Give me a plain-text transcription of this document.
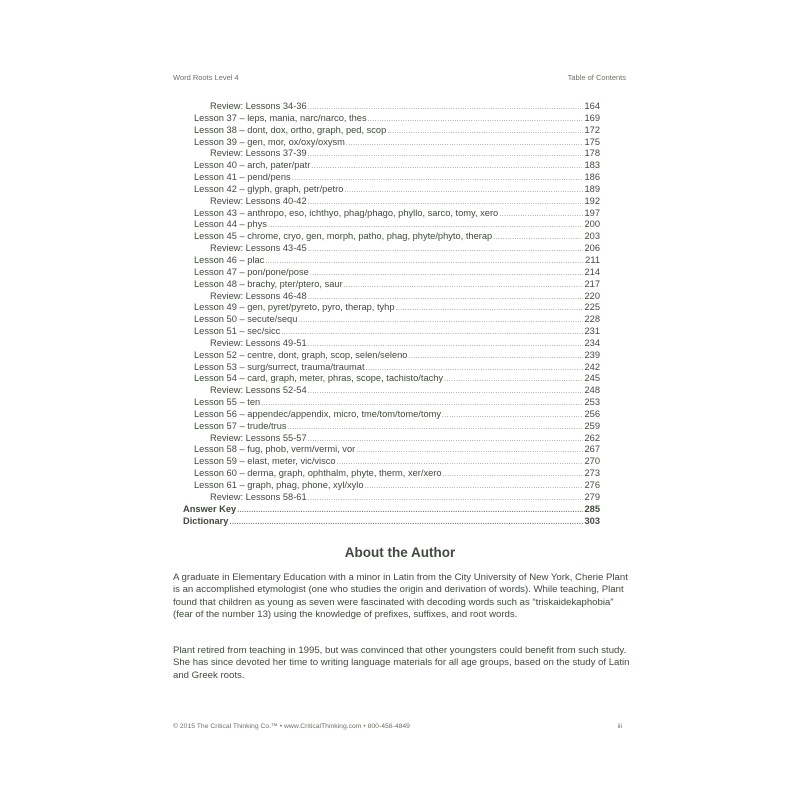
Word Roots Level 4	Table of Contents
Review: Lessons 34-36 .....	164
Lesson 37 – leps, mania, narc/narco, thes .....	169
Lesson 38 – dont, dox, ortho, graph, ped, scop .....	172
Lesson 39 – gen, mor, ox/oxy/oxysm .....	175
Review: Lessons 37-39 .....	178
Lesson 40 – arch, pater/patr .....	183
Lesson 41 – pend/pens .....	186
Lesson 42 – glyph, graph, petr/petro .....	189
Review: Lessons 40-42 .....	192
Lesson 43 – anthropo, eso, ichthyo, phag/phago, phyllo, sarco, tomy, xero .....	197
Lesson 44 – phys .....	200
Lesson 45 – chrome, cryo, gen, morph, patho, phag, phyte/phyto, therap .....	203
Review: Lessons 43-45 .....	206
Lesson 46 – plac .....	211
Lesson 47 – pon/pone/pose .....	214
Lesson 48 – brachy, pter/ptero, saur .....	217
Review: Lessons 46-48 .....	220
Lesson 49 – gen, pyret/pyreto, pyro, therap, tyhp .....	225
Lesson 50 – secute/sequ .....	228
Lesson 51 – sec/sicc .....	231
Review: Lessons 49-51 .....	234
Lesson 52 – centre, dont, graph, scop, selen/seleno .....	239
Lesson 53 – surg/surrect, trauma/traumat .....	242
Lesson 54 – card, graph, meter, phras, scope, tachisto/tachy .....	245
Review: Lessons 52-54 .....	248
Lesson 55 – ten .....	253
Lesson 56 – appendec/appendix, micro, tme/tom/tome/tomy .....	256
Lesson 57 – trude/trus .....	259
Review: Lessons 55-57 .....	262
Lesson 58 – fug, phob, verm/vermi, vor .....	267
Lesson 59 – elast, meter, vic/visco .....	270
Lesson 60 – derma, graph, ophthalm, phyte, therm, xer/xero .....	273
Lesson 61 – graph, phag, phone, xyl/xylo .....	276
Review: Lessons 58-61 .....	279
Answer Key .....	285
Dictionary .....	303
About the Author

A graduate in Elementary Education with a minor in Latin from the City University of New York, Cherie Plant is an accomplished etymologist (one who studies the origin and derivation of words). While teaching, Plant found that children as young as seven were fascinated with decoding words such as “triskaidekaphobia” (fear of the number 13) using the knowledge of prefixes, suffixes, and root words.

Plant retired from teaching in 1995, but was convinced that other youngsters could benefit from such study. She has since devoted her time to writing language materials for all age groups, based on the study of Latin and Greek roots.

© 2015 The Critical Thinking Co.™ • www.CriticalThinking.com • 800-458-4849	iii
